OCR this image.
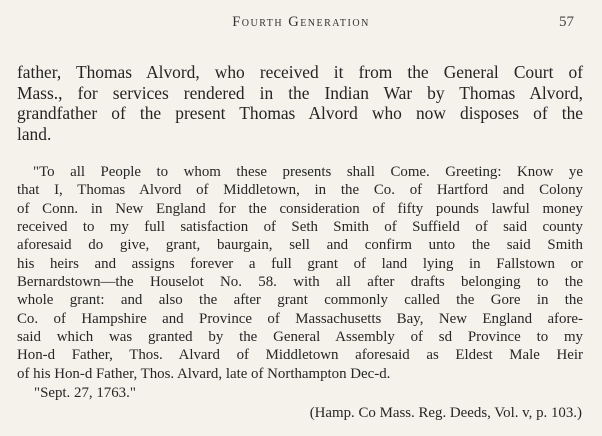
Fourth Generation	57
father, Thomas Alvord, who received it from the General Court of
Mass., for services rendered in the Indian War by Thomas Alvord,
grandfather of the present Thomas Alvord who now disposes of the
land.
"To all People to whom these presents shall Come. Greeting: Know ye
that I, Thomas Alvord of Middletown, in the Co. of Hartford and Colony
of Conn. in New England for the consideration of fifty pounds lawful money
received to my full satisfaction of Seth Smith of Suffield of said county
aforesaid do give, grant, baurgain, sell and confirm unto the said Smith
his heirs and assigns forever a full grant of land lying in Fallstown or
Bernardstown—the Houselot No. 58. with all after drafts belonging to the
whole grant: and also the after grant commonly called the Gore in the
Co. of Hampshire and Province of Massachusetts Bay, New England afore-
said which was granted by the General Assembly of sd Province to my
Hon-d Father, Thos. Alvard of Middletown aforesaid as Eldest Male Heir
of his Hon-d Father, Thos. Alvard, late of Northampton Dec-d.
"Sept. 27, 1763."
(Hamp. Co Mass. Reg. Deeds, Vol. v, p. 103.)
